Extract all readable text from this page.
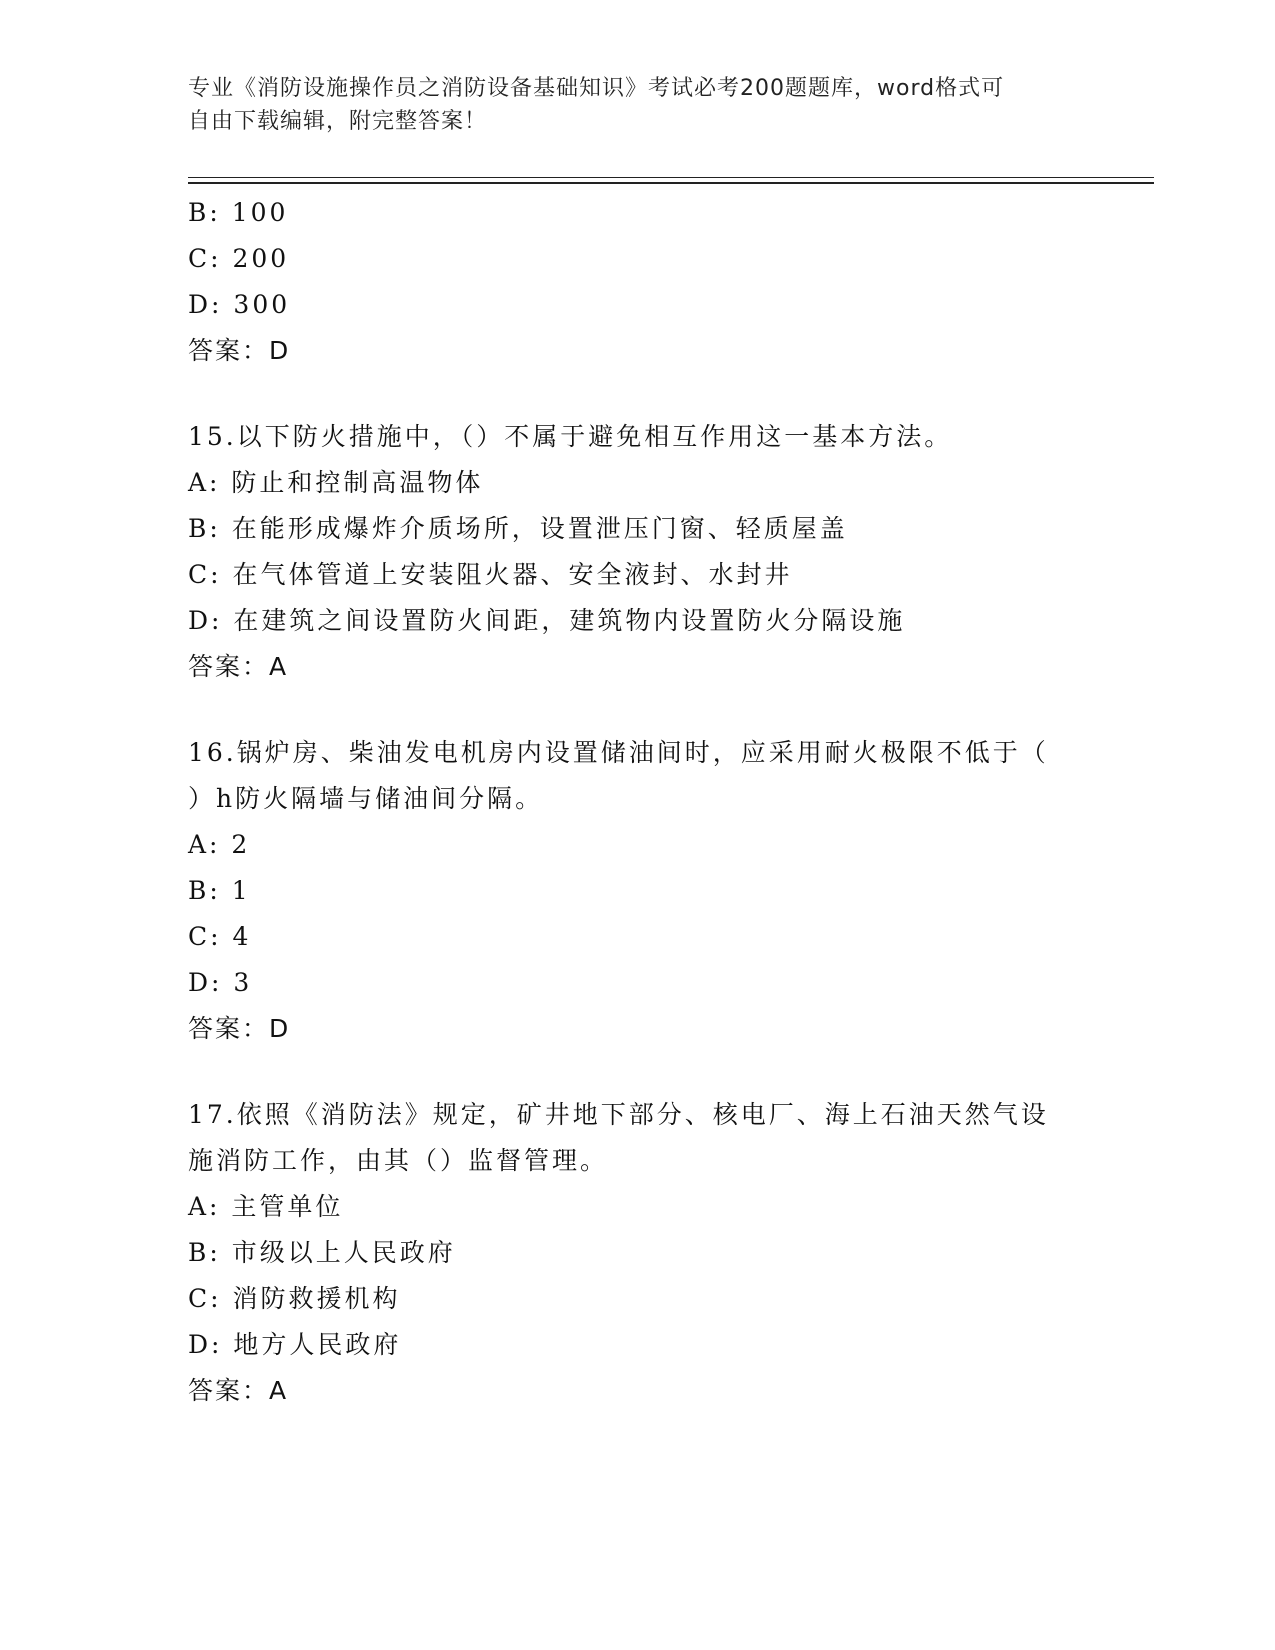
专业《消防设施操作员之消防设备基础知识》考试必考200题题库，word格式可
自由下载编辑，附完整答案！
B: 100
C: 200
D: 300
答案：D
15.以下防火措施中，（）不属于避免相互作用这一基本方法。
A: 防止和控制高温物体
B: 在能形成爆炸介质场所，设置泄压门窗、轻质屋盖
C: 在气体管道上安装阻火器、安全液封、水封井
D: 在建筑之间设置防火间距，建筑物内设置防火分隔设施
答案：A
16.锅炉房、柴油发电机房内设置储油间时，应采用耐火极限不低于（
）h防火隔墙与储油间分隔。
A: 2
B: 1
C: 4
D: 3
答案：D
17.依照《消防法》规定，矿井地下部分、核电厂、海上石油天然气设
施消防工作，由其（）监督管理。
A: 主管单位
B: 市级以上人民政府
C: 消防救援机构
D: 地方人民政府
答案：A
